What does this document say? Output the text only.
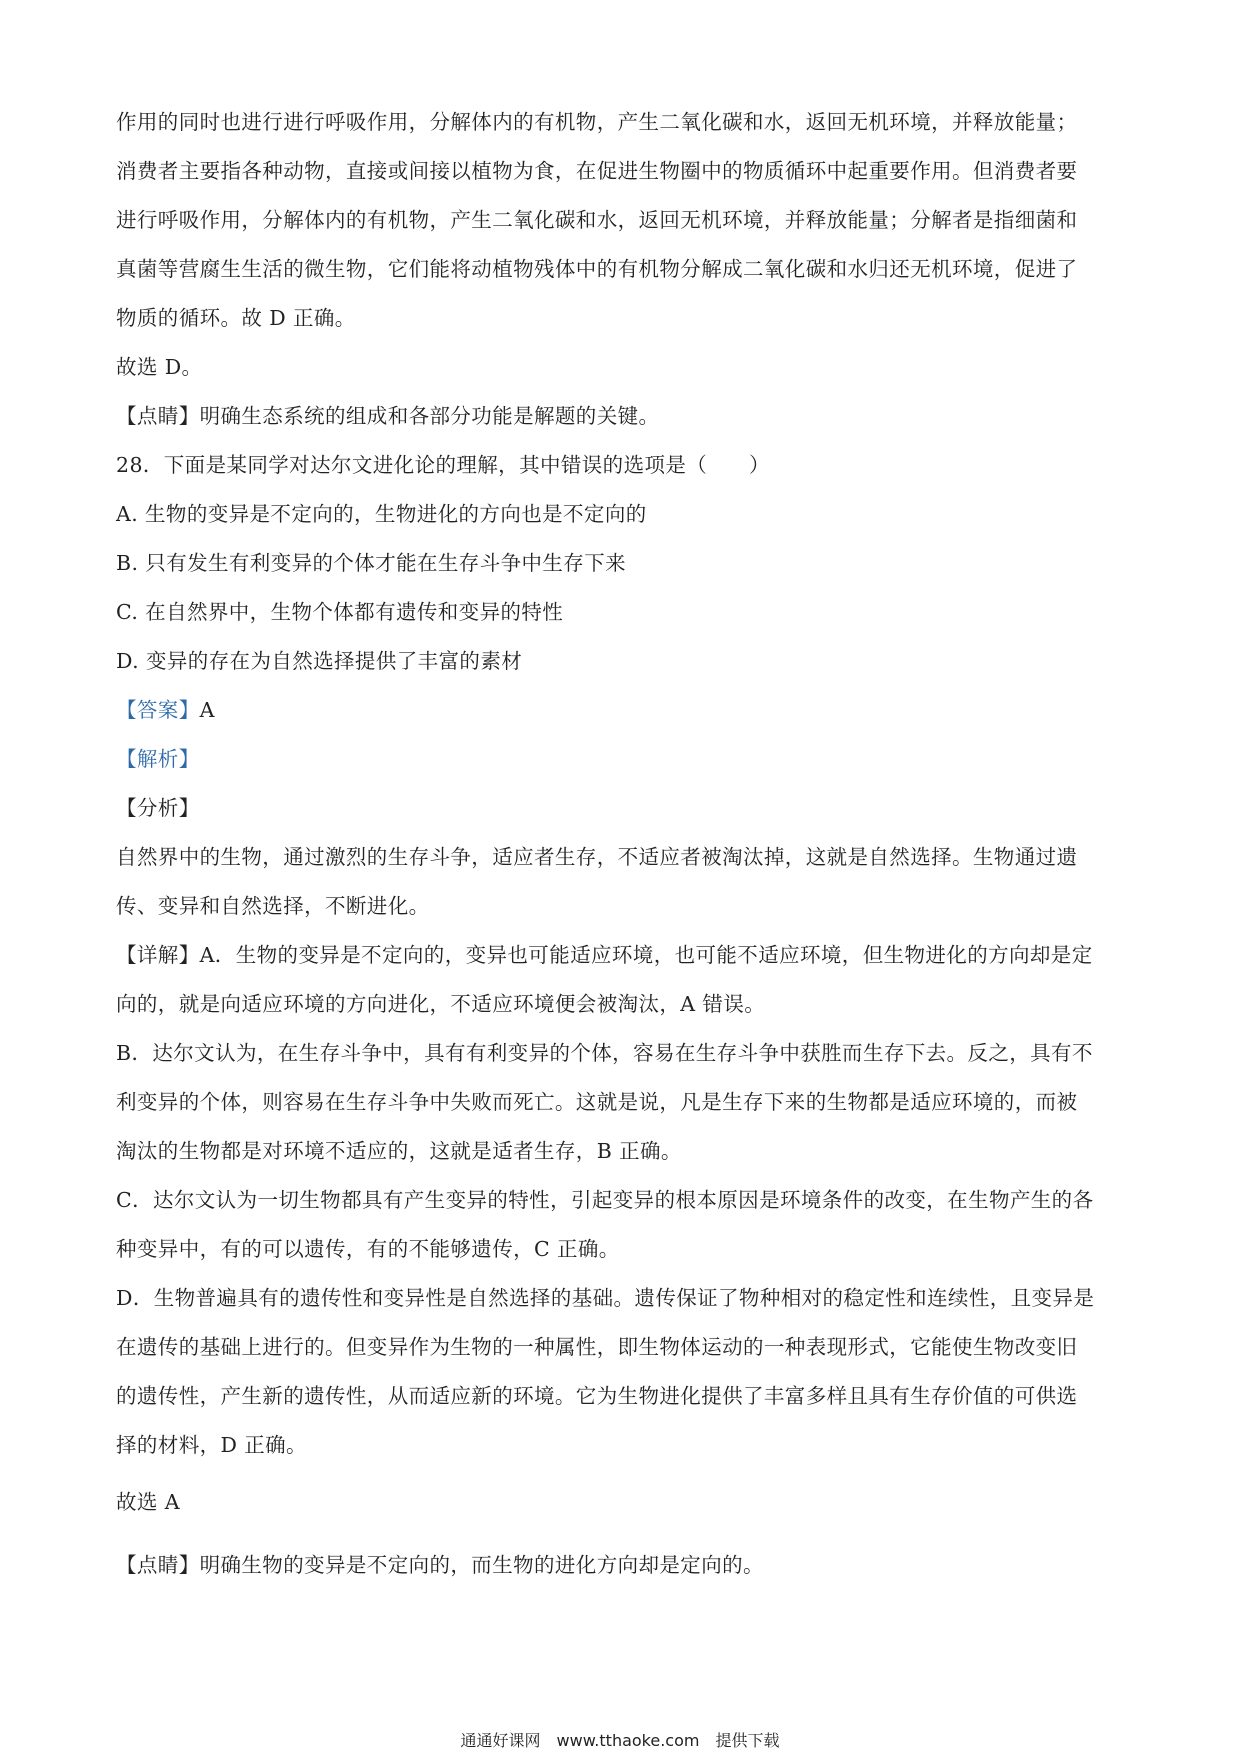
作用的同时也进行进行呼吸作用，分解体内的有机物，产生二氧化碳和水，返回无机环境，并释放能量；
消费者主要指各种动物，直接或间接以植物为食，在促进生物圈中的物质循环中起重要作用。但消费者要
进行呼吸作用，分解体内的有机物，产生二氧化碳和水，返回无机环境，并释放能量；分解者是指细菌和
真菌等营腐生生活的微生物，它们能将动植物残体中的有机物分解成二氧化碳和水归还无机环境，促进了
物质的循环。故 D 正确。
故选 D。
【点睛】明确生态系统的组成和各部分功能是解题的关键。
28．下面是某同学对达尔文进化论的理解，其中错误的选项是（　　）
A. 生物的变异是不定向的，生物进化的方向也是不定向的
B. 只有发生有利变异的个体才能在生存斗争中生存下来
C. 在自然界中，生物个体都有遗传和变异的特性
D. 变异的存在为自然选择提供了丰富的素材
【答案】A
【解析】
【分析】
自然界中的生物，通过激烈的生存斗争，适应者生存，不适应者被淘汰掉，这就是自然选择。生物通过遗
传、变异和自然选择，不断进化。
【详解】A．生物的变异是不定向的，变异也可能适应环境，也可能不适应环境，但生物进化的方向却是定
向的，就是向适应环境的方向进化，不适应环境便会被淘汰，A 错误。
B．达尔文认为，在生存斗争中，具有有利变异的个体，容易在生存斗争中获胜而生存下去。反之，具有不
利变异的个体，则容易在生存斗争中失败而死亡。这就是说，凡是生存下来的生物都是适应环境的，而被
淘汰的生物都是对环境不适应的，这就是适者生存，B 正确。
C．达尔文认为一切生物都具有产生变异的特性，引起变异的根本原因是环境条件的改变，在生物产生的各
种变异中，有的可以遗传，有的不能够遗传，C 正确。
D．生物普遍具有的遗传性和变异性是自然选择的基础。遗传保证了物种相对的稳定性和连续性，且变异是
在遗传的基础上进行的。但变异作为生物的一种属性，即生物体运动的一种表现形式，它能使生物改变旧
的遗传性，产生新的遗传性，从而适应新的环境。它为生物进化提供了丰富多样且具有生存价值的可供选
择的材料，D 正确。
故选 A
【点睛】明确生物的变异是不定向的，而生物的进化方向却是定向的。
通通好课网　www.tthaoke.com　提供下载
